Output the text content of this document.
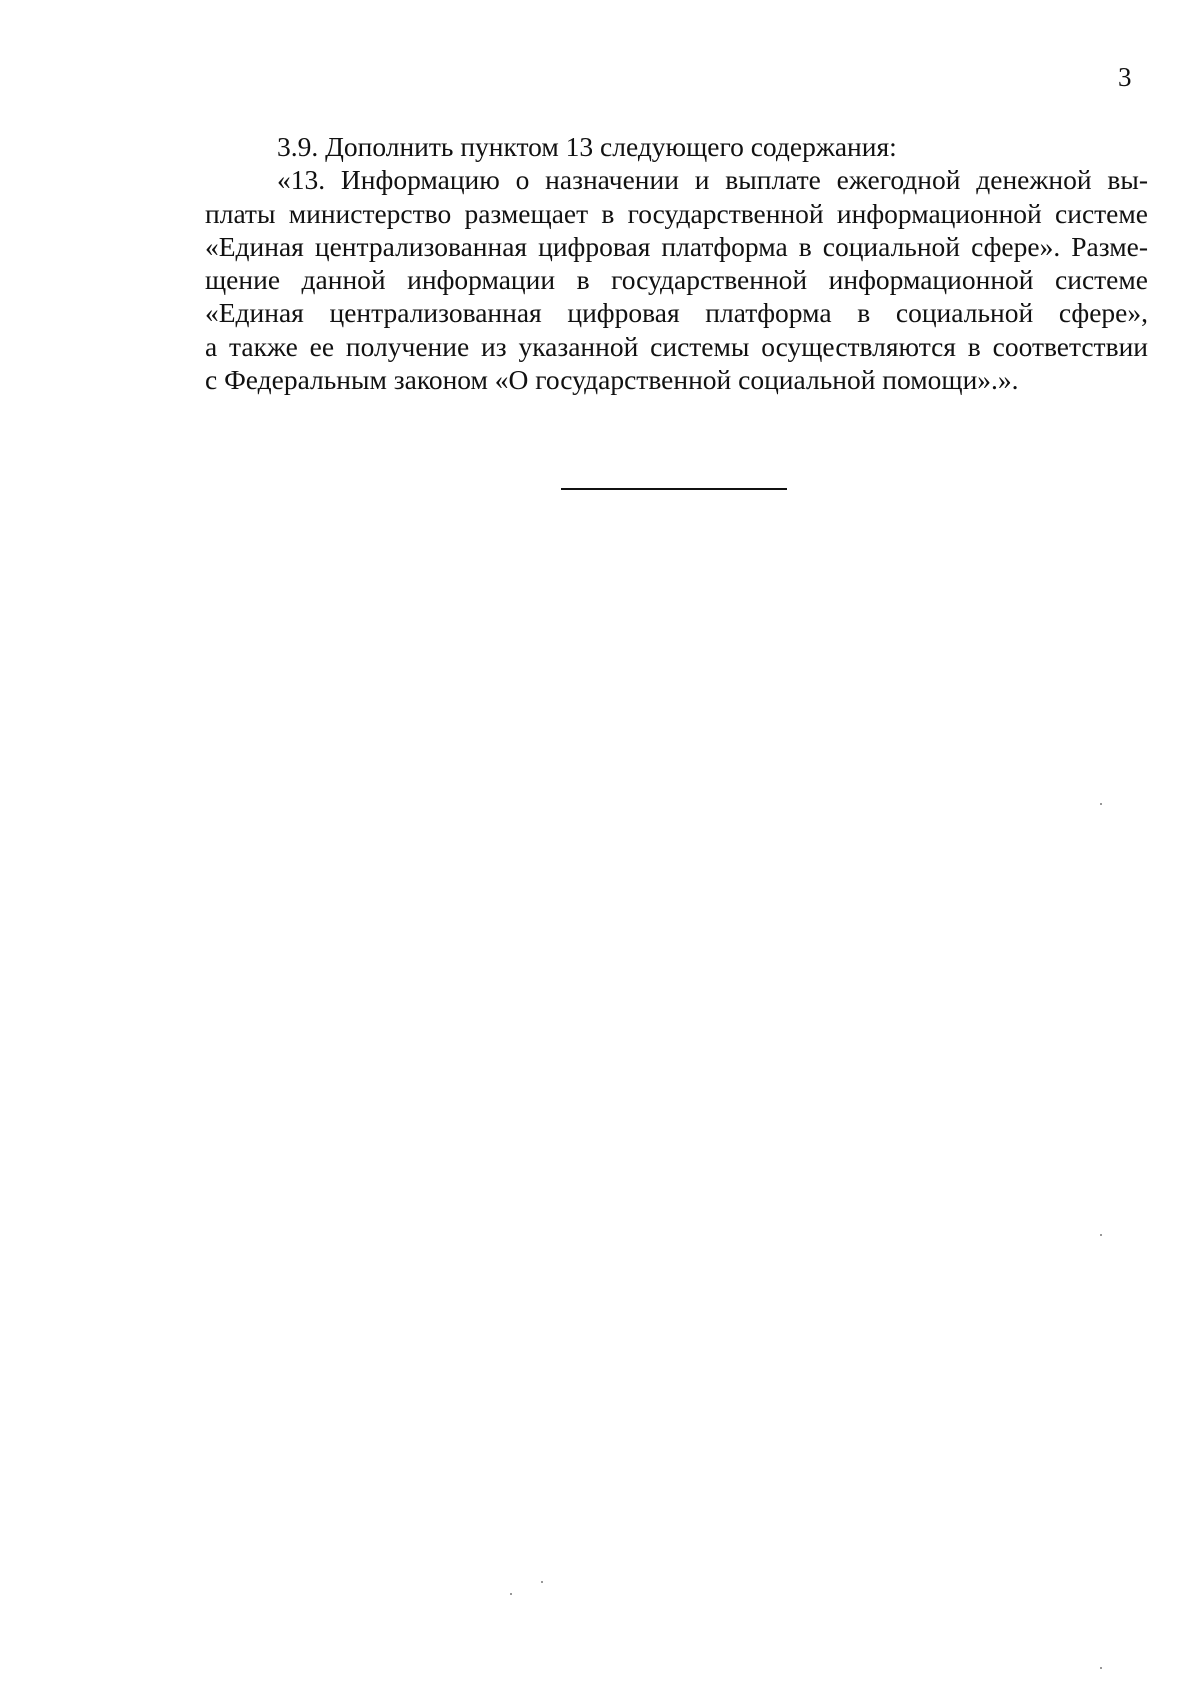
3
3.9. Дополнить пунктом 13 следующего содержания:
«13. Информацию о назначении и выплате ежегодной денежной вы-
платы министерство размещает в государственной информационной системе
«Единая централизованная цифровая платформа в социальной сфере». Разме-
щение данной информации в государственной информационной системе
«Единая централизованная цифровая платформа в социальной сфере»,
а также ее получение из указанной системы осуществляются в соответствии
с Федеральным законом «О государственной социальной помощи».».
